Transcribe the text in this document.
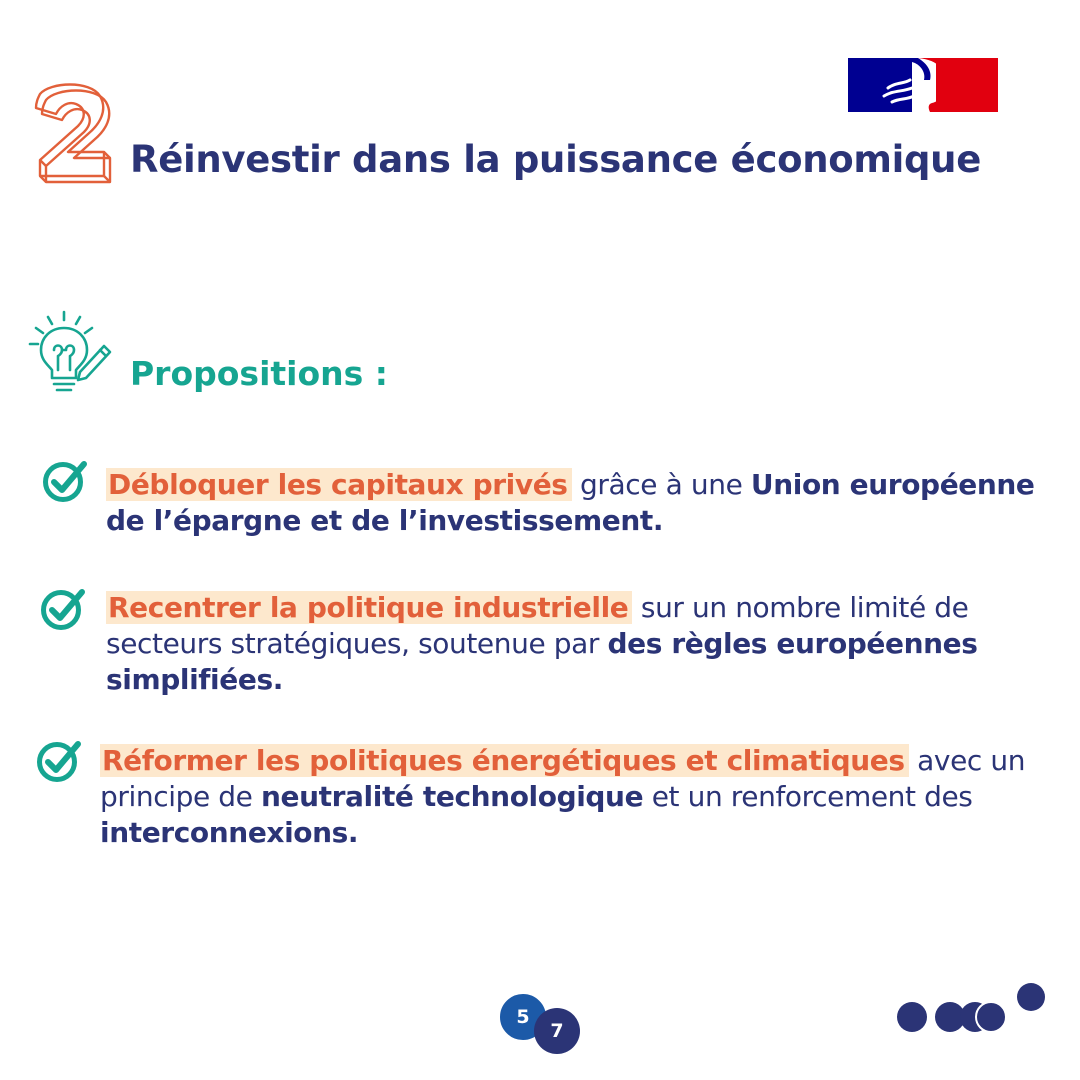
Réinvestir dans la puissance économique
Propositions :
Débloquer les capitaux privés grâce à une Union européenne de l’épargne et de l’investissement.
Recentrer la politique industrielle sur un nombre limité de secteurs stratégiques, soutenue par des règles européennes simplifiées.
Réformer les politiques énergétiques et climatiques avec un principe de neutralité technologique et un renforcement des interconnexions.
5
7
